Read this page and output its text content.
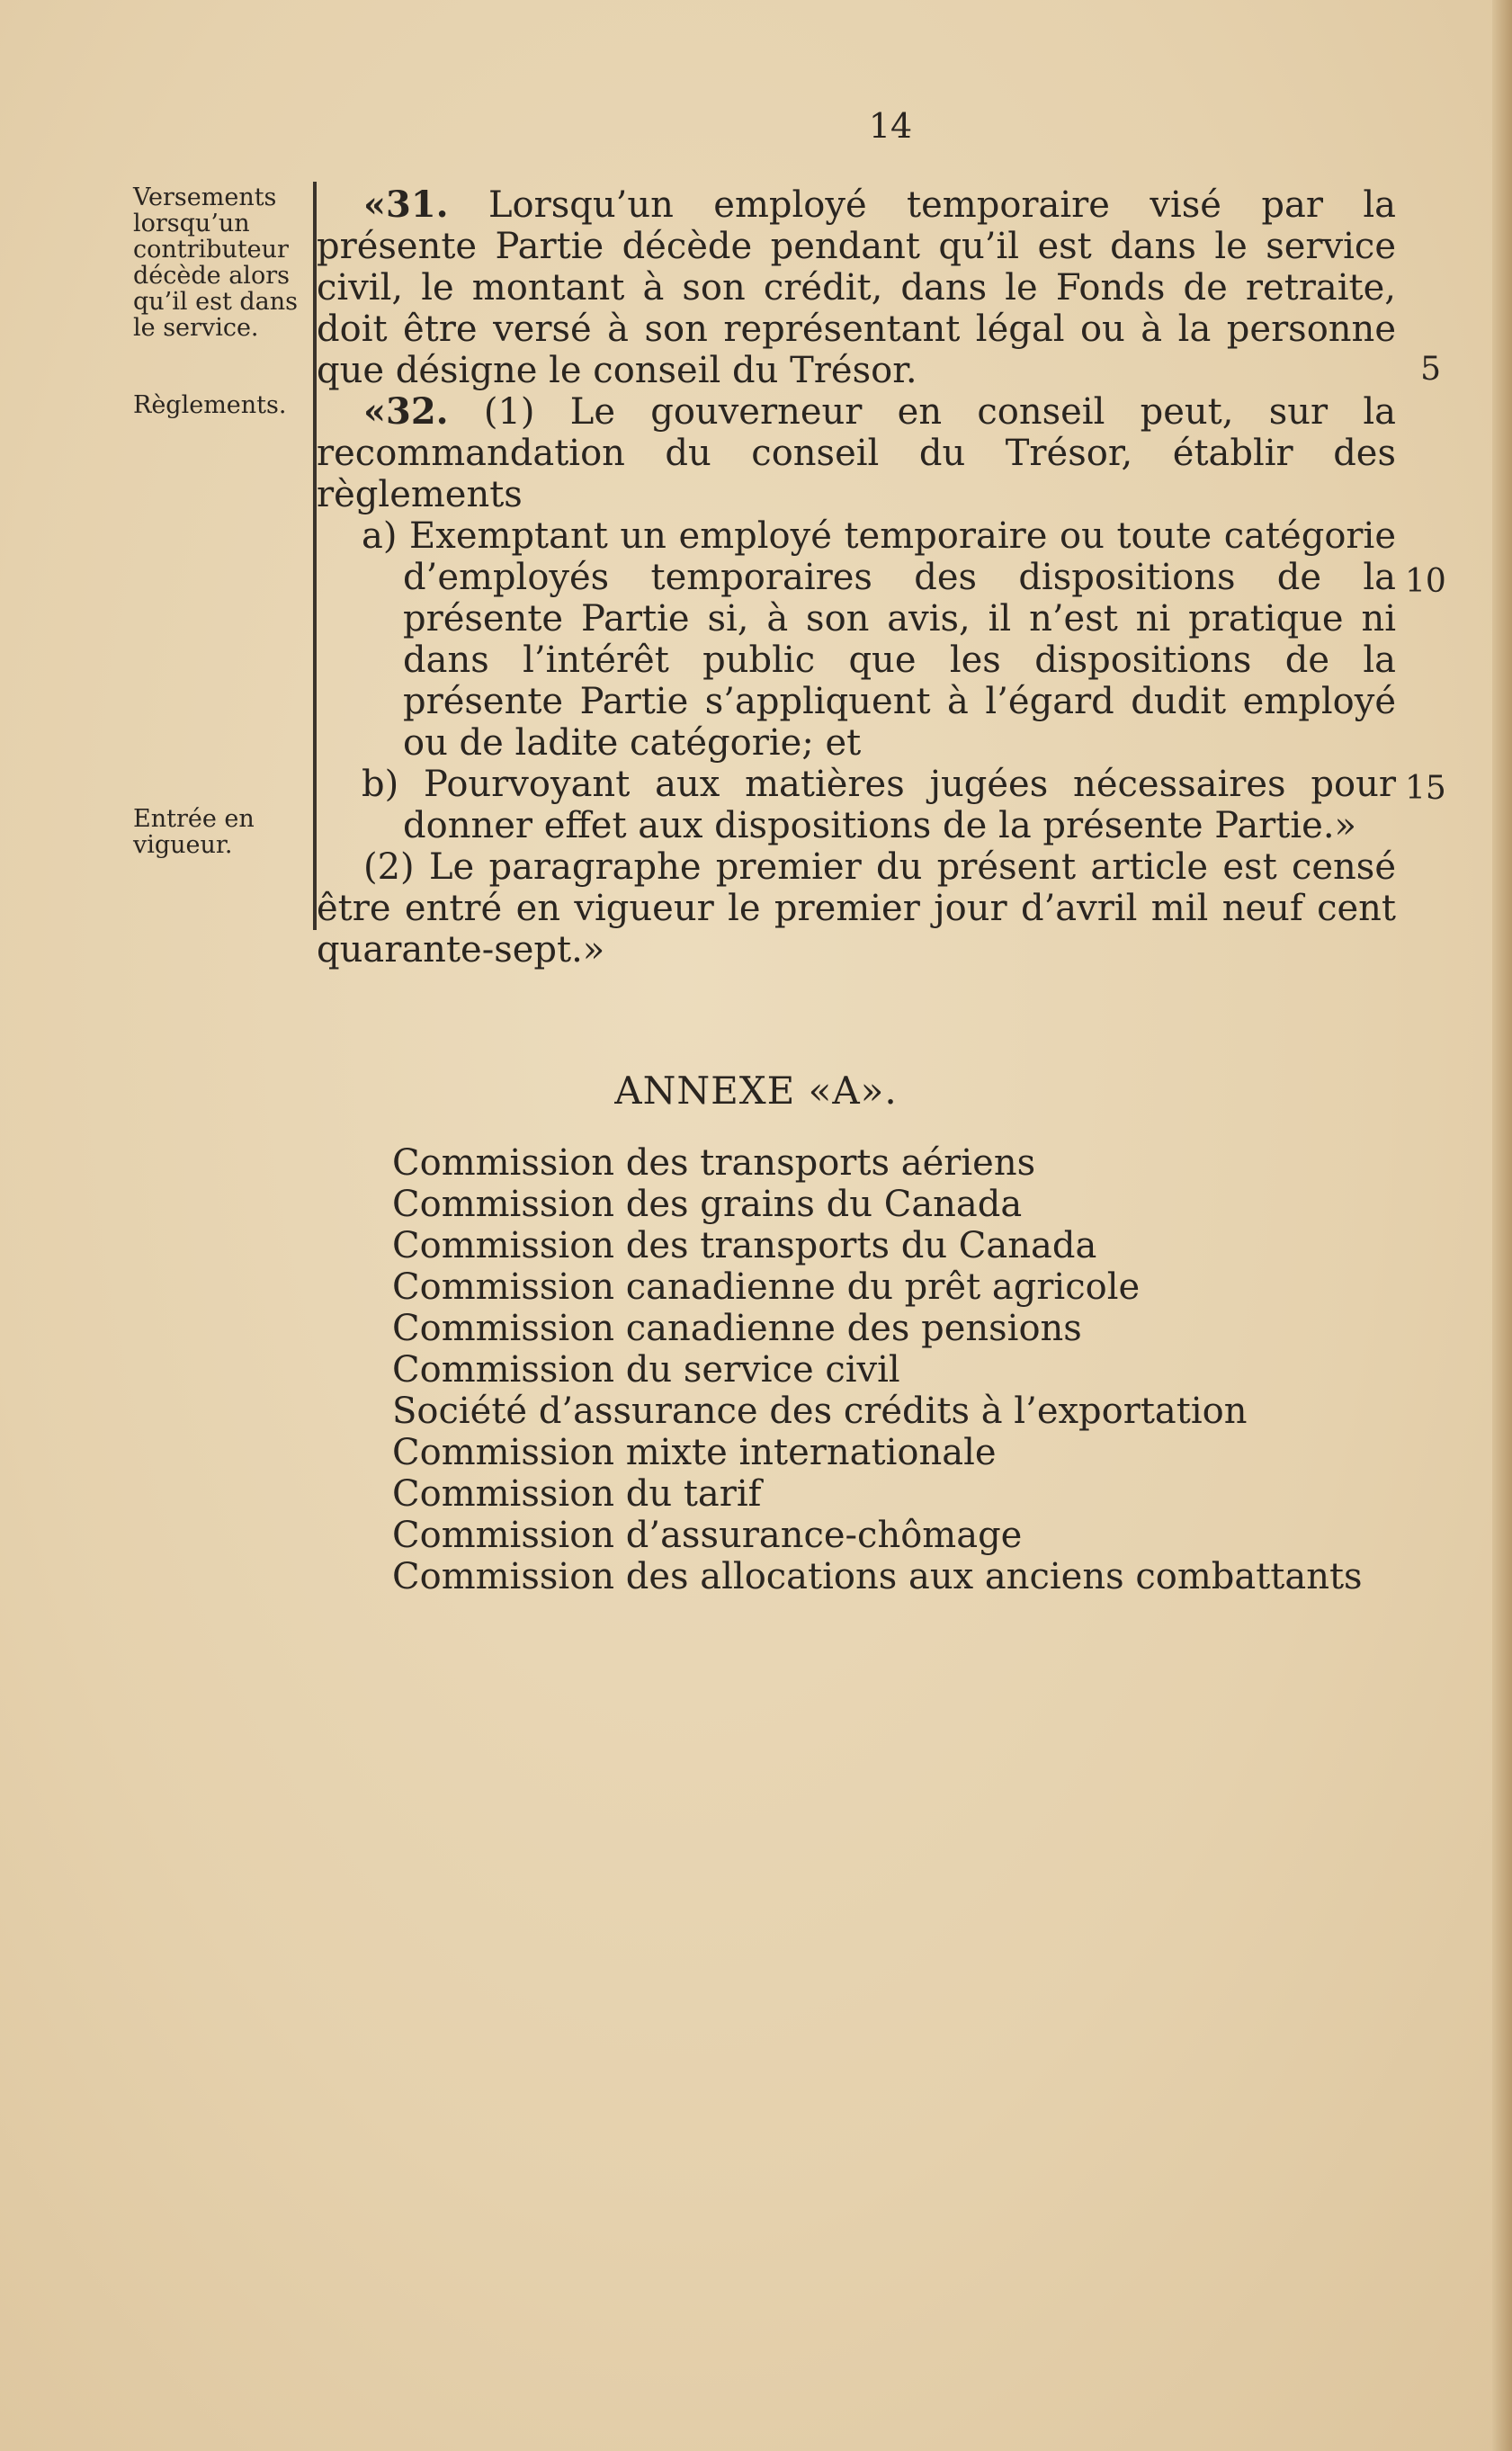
14
Versements lorsqu’un contributeur décède alors qu’il est dans le service.
Règlements.
Entrée en vigueur.

«31. Lorsqu’un employé temporaire visé par la présente Partie décède pendant qu’il est dans le service civil, le montant à son crédit, dans le Fonds de retraite, doit être versé à son représentant légal ou à la personne que désigne le conseil du Trésor.

«32. (1) Le gouverneur en conseil peut, sur la recommandation du conseil du Trésor, établir des règlements

a) Exemptant un employé temporaire ou toute catégorie d’employés temporaires des dispositions de la présente Partie si, à son avis, il n’est ni pratique ni dans l’intérêt public que les dispositions de la présente Partie s’appliquent à l’égard dudit employé ou de ladite catégorie; et

b) Pourvoyant aux matières jugées nécessaires pour donner effet aux dispositions de la présente Partie.»

(2) Le paragraphe premier du présent article est censé être entré en vigueur le premier jour d’avril mil neuf cent quarante-sept.»

5
10
15
ANNEXE «A».
Commission des transports aériens
Commission des grains du Canada
Commission des transports du Canada
Commission canadienne du prêt agricole
Commission canadienne des pensions
Commission du service civil
Société d’assurance des crédits à l’exportation
Commission mixte internationale
Commission du tarif
Commission d’assurance-chômage
Commission des allocations aux anciens combattants
